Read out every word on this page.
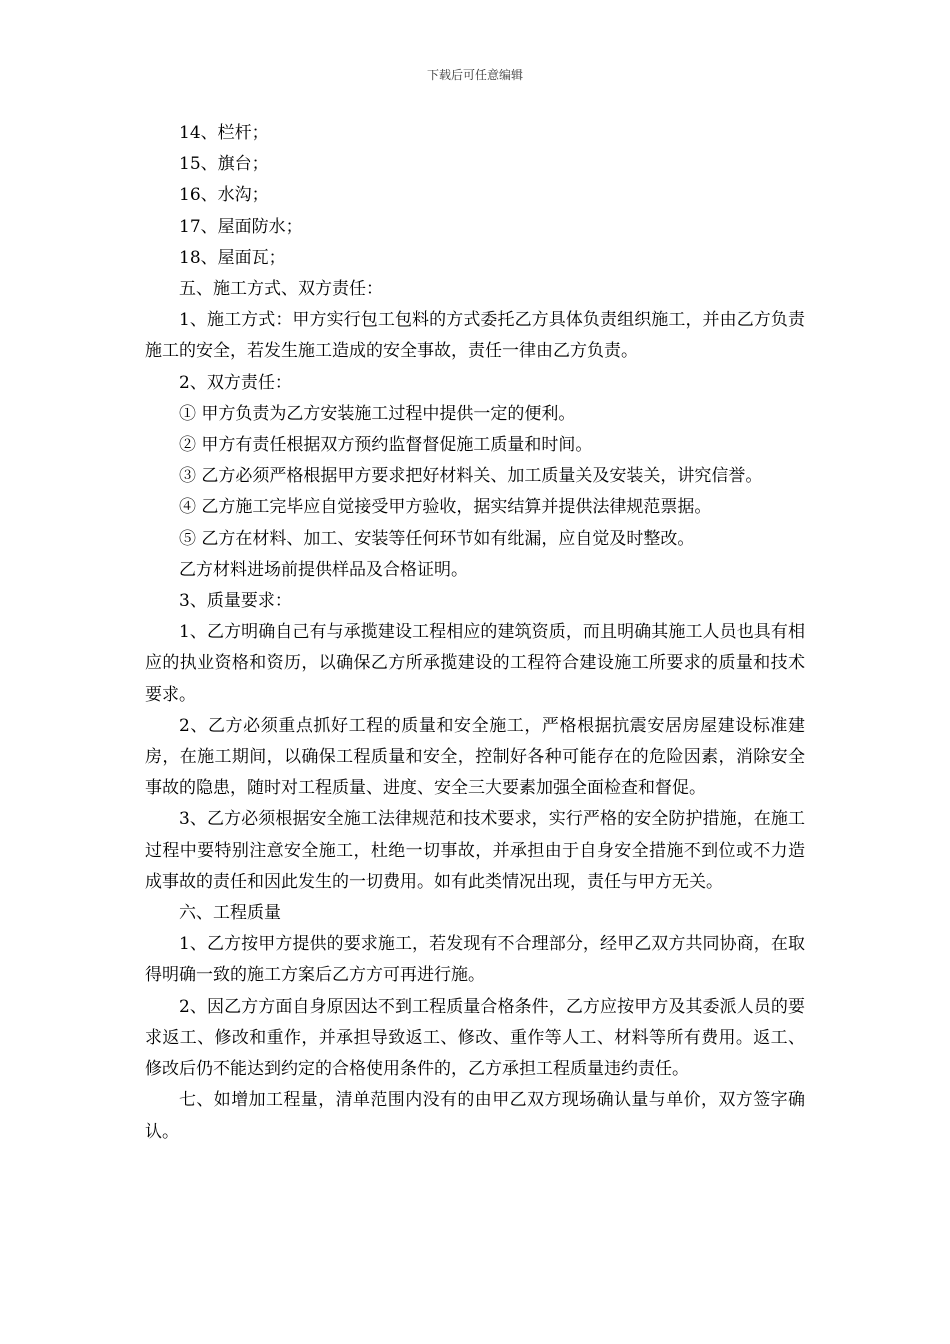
下载后可任意编辑

14、栏杆；

15、旗台；

16、水沟；

17、屋面防水；

18、屋面瓦；

五、施工方式、双方责任：

1、施工方式：甲方实行包工包料的方式委托乙方具体负责组织施工，并由乙方负责施工的安全，若发生施工造成的安全事故，责任一律由乙方负责。

2、双方责任：

① 甲方负责为乙方安装施工过程中提供一定的便利。

② 甲方有责任根据双方预约监督督促施工质量和时间。

③ 乙方必须严格根据甲方要求把好材料关、加工质量关及安装关，讲究信誉。

④ 乙方施工完毕应自觉接受甲方验收，据实结算并提供法律规范票据。

⑤ 乙方在材料、加工、安装等任何环节如有纰漏，应自觉及时整改。

乙方材料进场前提供样品及合格证明。

3、质量要求：

1、乙方明确自己有与承揽建设工程相应的建筑资质，而且明确其施工人员也具有相应的执业资格和资历，以确保乙方所承揽建设的工程符合建设施工所要求的质量和技术要求。

2、乙方必须重点抓好工程的质量和安全施工，严格根据抗震安居房屋建设标准建房，在施工期间，以确保工程质量和安全，控制好各种可能存在的危险因素，消除安全事故的隐患，随时对工程质量、进度、安全三大要素加强全面检查和督促。

3、乙方必须根据安全施工法律规范和技术要求，实行严格的安全防护措施，在施工过程中要特别注意安全施工，杜绝一切事故，并承担由于自身安全措施不到位或不力造成事故的责任和因此发生的一切费用。如有此类情况出现，责任与甲方无关。

六、工程质量

1、乙方按甲方提供的要求施工，若发现有不合理部分，经甲乙双方共同协商，在取得明确一致的施工方案后乙方方可再进行施。

2、因乙方方面自身原因达不到工程质量合格条件，乙方应按甲方及其委派人员的要求返工、修改和重作，并承担导致返工、修改、重作等人工、材料等所有费用。返工、修改后仍不能达到约定的合格使用条件的，乙方承担工程质量违约责任。

七、如增加工程量，清单范围内没有的由甲乙双方现场确认量与单价，双方签字确认。
